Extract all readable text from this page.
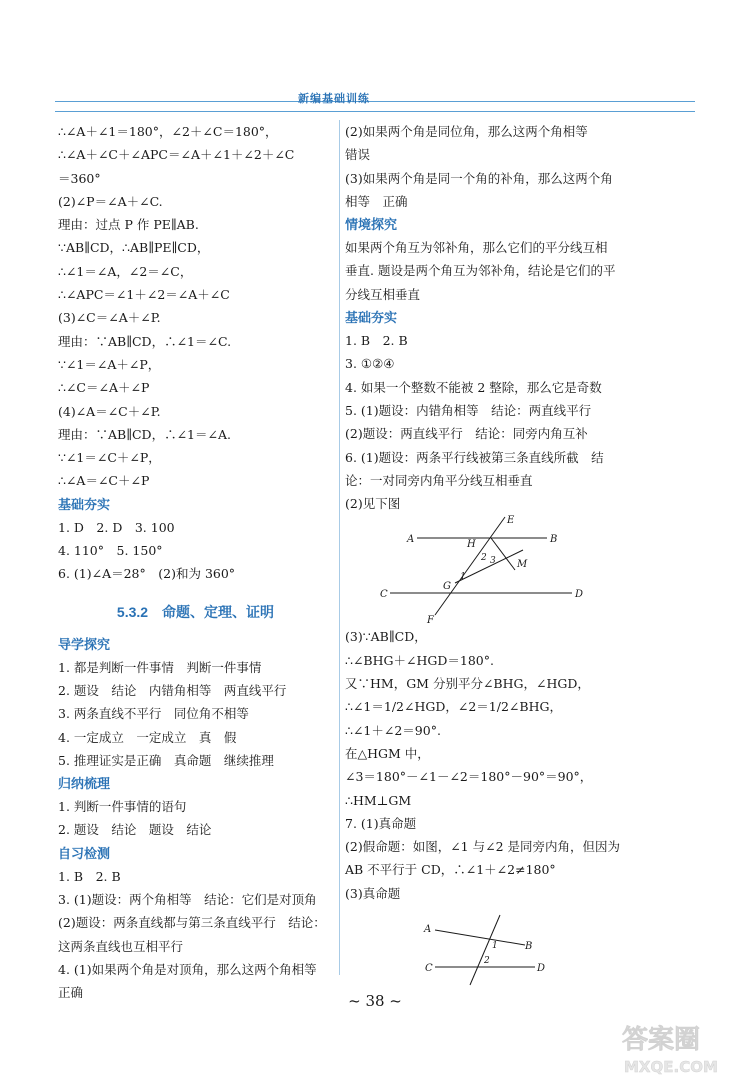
新编基础训练
∴∠A＋∠1＝180°，∠2＋∠C＝180°，
∴∠A＋∠C＋∠APC＝∠A＋∠1＋∠2＋∠C
＝360°
(2)∠P＝∠A＋∠C.
理由：过点 P 作 PE∥AB.
∵AB∥CD，∴AB∥PE∥CD，
∴∠1＝∠A，∠2＝∠C，
∴∠APC＝∠1＋∠2＝∠A＋∠C
(3)∠C＝∠A＋∠P.
理由：∵AB∥CD，∴∠1＝∠C.
∵∠1＝∠A＋∠P，
∴∠C＝∠A＋∠P
(4)∠A＝∠C＋∠P.
理由：∵AB∥CD，∴∠1＝∠A.
∵∠1＝∠C＋∠P，
∴∠A＝∠C＋∠P
基础夯实
1. D　2. D　3. 100
4. 110°　5. 150°
6. (1)∠A＝28°　(2)和为 360°
5.3.2　命题、定理、证明
导学探究
1. 都是判断一件事情　判断一件事情
2. 题设　结论　内错角相等　两直线平行
3. 两条直线不平行　同位角不相等
4. 一定成立　一定成立　真　假
5. 推理证实是正确　真命题　继续推理
归纳梳理
1. 判断一件事情的语句
2. 题设　结论　题设　结论
自习检测
1. B　2. B
3. (1)题设：两个角相等　结论：它们是对顶角
(2)题设：两条直线都与第三条直线平行　结论：
这两条直线也互相平行
4. (1)如果两个角是对顶角，那么这两个角相等
正确
(2)如果两个角是同位角，那么这两个角相等
错误
(3)如果两个角是同一个角的补角，那么这两个角
相等　正确
情境探究
如果两个角互为邻补角，那么它们的平分线互相
垂直. 题设是两个角互为邻补角，结论是它们的平
分线互相垂直
基础夯实
1. B　2. B
3. ①②④
4. 如果一个整数不能被 2 整除，那么它是奇数
5. (1)题设：内错角相等　结论：两直线平行
(2)题设：两直线平行　结论：同旁内角互补
6. (1)题设：两条平行线被第三条直线所截　结
论：一对同旁内角平分线互相垂直
(2)见下图
E
A	B
H
2 3 M
1
G
C	D
F
(3)∵AB∥CD，
∴∠BHG＋∠HGD＝180°.
又∵HM，GM 分别平分∠BHG，∠HGD，
∴∠1＝1/2∠HGD，∠2＝1/2∠BHG，
∴∠1＋∠2＝90°.
在△HGM 中，
∠3＝180°－∠1－∠2＝180°－90°＝90°，
∴HM⊥GM
7. (1)真命题
(2)假命题：如图，∠1 与∠2 是同旁内角，但因为
AB 不平行于 CD，∴∠1＋∠2≠180°
(3)真命题
A
B
1
2
C	D
~ 38 ~
答案圈
MXQE.COM
